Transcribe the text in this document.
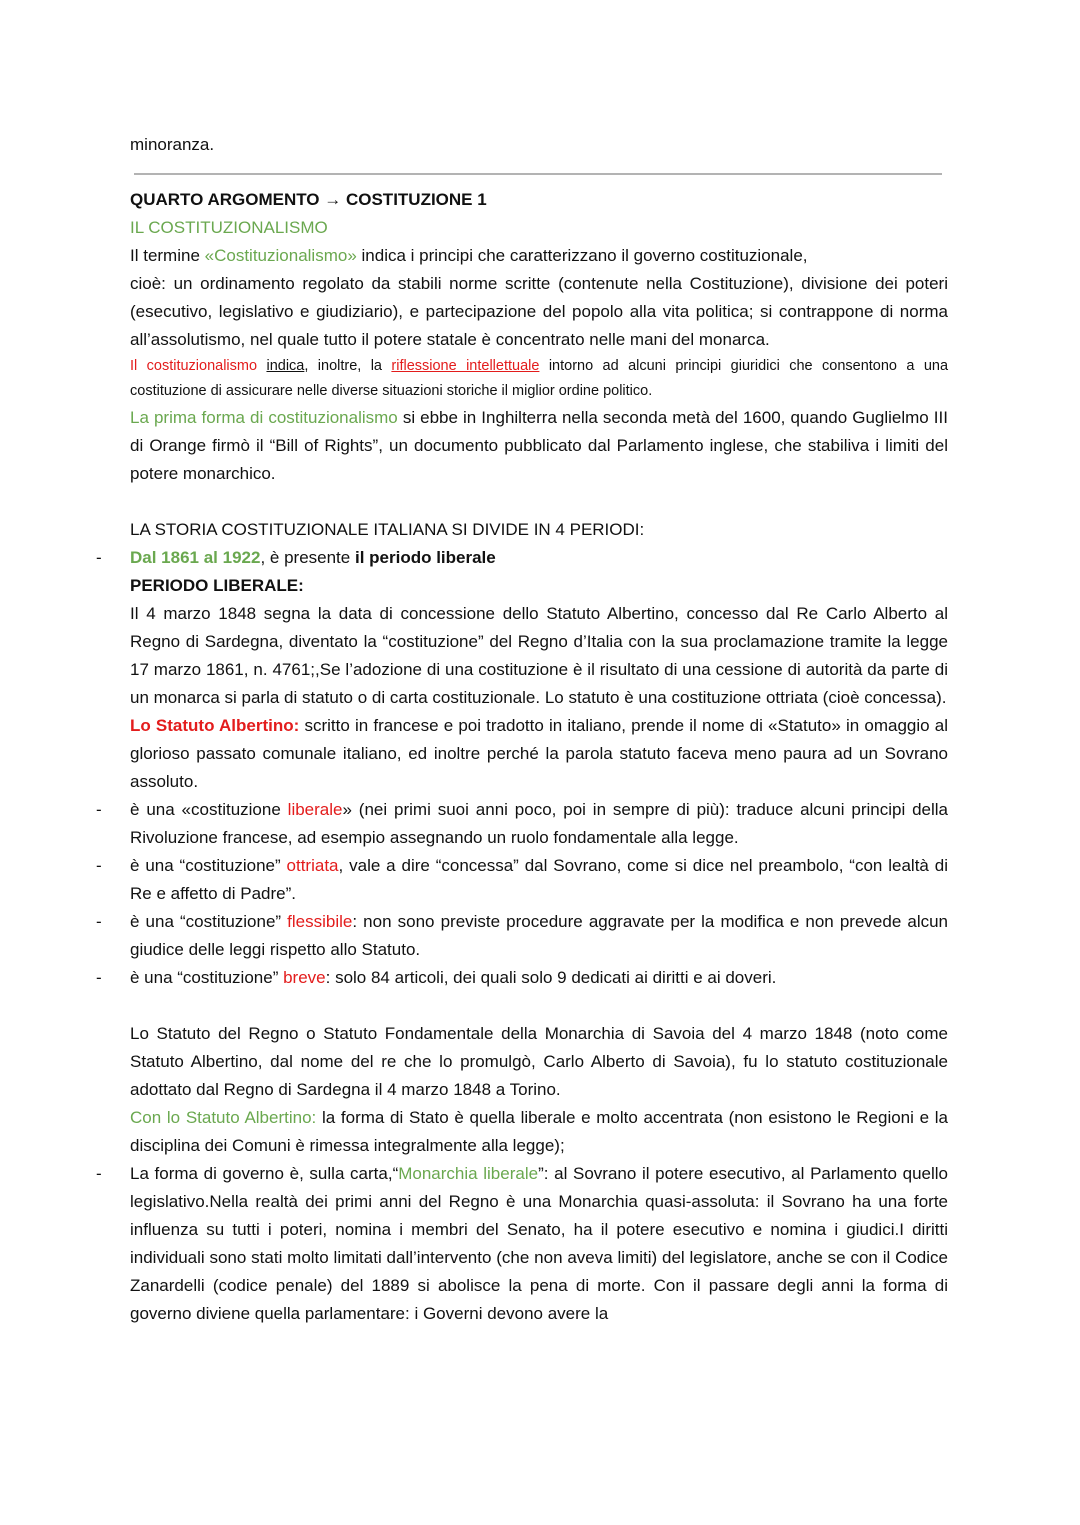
minoranza.

QUARTO ARGOMENTO → COSTITUZIONE 1

IL COSTITUZIONALISMO

Il termine «Costituzionalismo» indica i principi che caratterizzano il governo costituzionale,
cioè: un ordinamento regolato da stabili norme scritte (contenute nella Costituzione), divisione dei poteri (esecutivo, legislativo e giudiziario), e partecipazione del popolo alla vita politica; si contrappone di norma all’assolutismo, nel quale tutto il potere statale è concentrato nelle mani del monarca.

Il costituzionalismo indica, inoltre, la riflessione intellettuale intorno ad alcuni principi giuridici che consentono a una costituzione di assicurare nelle diverse situazioni storiche il miglior ordine politico.

La prima forma di costituzionalismo si ebbe in Inghilterra nella seconda metà del 1600, quando Guglielmo III di Orange firmò il “Bill of Rights”, un documento pubblicato dal Parlamento inglese, che stabiliva i limiti del potere monarchico.

LA STORIA COSTITUZIONALE ITALIANA SI DIVIDE IN 4 PERIODI:

- Dal 1861 al 1922, è presente il periodo liberale

PERIODO LIBERALE:

Il 4 marzo 1848 segna la data di concessione dello Statuto Albertino, concesso dal Re Carlo Alberto al Regno di Sardegna, diventato la “costituzione” del Regno d’Italia con la sua proclamazione tramite la legge 17 marzo 1861, n. 4761;,Se l’adozione di una costituzione è il risultato di una cessione di autorità da parte di un monarca si parla di statuto o di carta costituzionale. Lo statuto è una costituzione ottriata (cioè concessa).

Lo Statuto Albertino: scritto in francese e poi tradotto in italiano, prende il nome di «Statuto» in omaggio al glorioso passato comunale italiano, ed inoltre perché la parola statuto faceva meno paura ad un Sovrano assoluto.

- è una «costituzione liberale» (nei primi suoi anni poco, poi in sempre di più): traduce alcuni principi della Rivoluzione francese, ad esempio assegnando un ruolo fondamentale alla legge.

- è una “costituzione” ottriata, vale a dire “concessa” dal Sovrano, come si dice nel preambolo, “con lealtà di Re e affetto di Padre”.

- è una “costituzione” flessibile: non sono previste procedure aggravate per la modifica e non prevede alcun giudice delle leggi rispetto allo Statuto.

- è una “costituzione” breve: solo 84 articoli, dei quali solo 9 dedicati ai diritti e ai doveri.

Lo Statuto del Regno o Statuto Fondamentale della Monarchia di Savoia del 4 marzo 1848 (noto come Statuto Albertino, dal nome del re che lo promulgò, Carlo Alberto di Savoia), fu lo statuto costituzionale adottato dal Regno di Sardegna il 4 marzo 1848 a Torino.

Con lo Statuto Albertino: la forma di Stato è quella liberale e molto accentrata (non esistono le Regioni e la disciplina dei Comuni è rimessa integralmente alla legge);

- La forma di governo è, sulla carta,“Monarchia liberale”: al Sovrano il potere esecutivo, al Parlamento quello legislativo.Nella realtà dei primi anni del Regno è una Monarchia quasi-assoluta: il Sovrano ha una forte influenza su tutti i poteri, nomina i membri del Senato, ha il potere esecutivo e nomina i giudici.I diritti individuali sono stati molto limitati dall’intervento (che non aveva limiti) del legislatore, anche se con il Codice Zanardelli (codice penale) del 1889 si abolisce la pena di morte. Con il passare degli anni la forma di governo diviene quella parlamentare: i Governi devono avere la
